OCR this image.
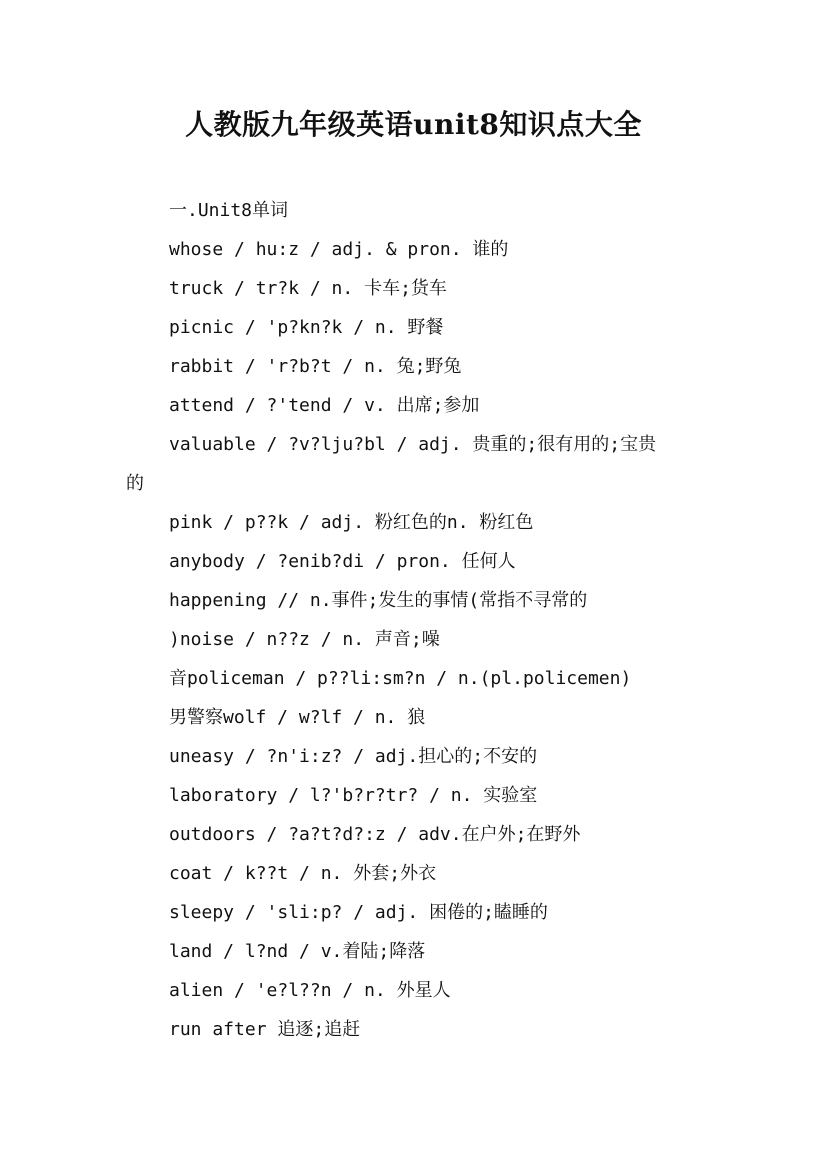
人教版九年级英语unit8知识点大全
一.Unit8单词
whose / hu:z / adj. & pron. 谁的
truck / tr?k / n. 卡车;货车
picnic / 'p?kn?k / n. 野餐
rabbit / 'r?b?t / n. 兔;野兔
attend / ?'tend / v. 出席;参加
valuable / ?v?lju?bl / adj. 贵重的;很有用的;宝贵
的
pink / p??k / adj. 粉红色的n. 粉红色
anybody / ?enib?di / pron. 任何人
happening // n.事件;发生的事情(常指不寻常的
)noise / n??z / n. 声音;噪
音policeman / p??li:sm?n / n.(pl.policemen)
男警察wolf / w?lf / n. 狼
uneasy / ?n'i:z? / adj.担心的;不安的
laboratory / l?'b?r?tr? / n. 实验室
outdoors / ?a?t?d?:z / adv.在户外;在野外
coat / k??t / n. 外套;外衣
sleepy / 'sli:p? / adj. 困倦的;瞌睡的
land / l?nd / v.着陆;降落
alien / 'e?l??n / n. 外星人
run after 追逐;追赶
